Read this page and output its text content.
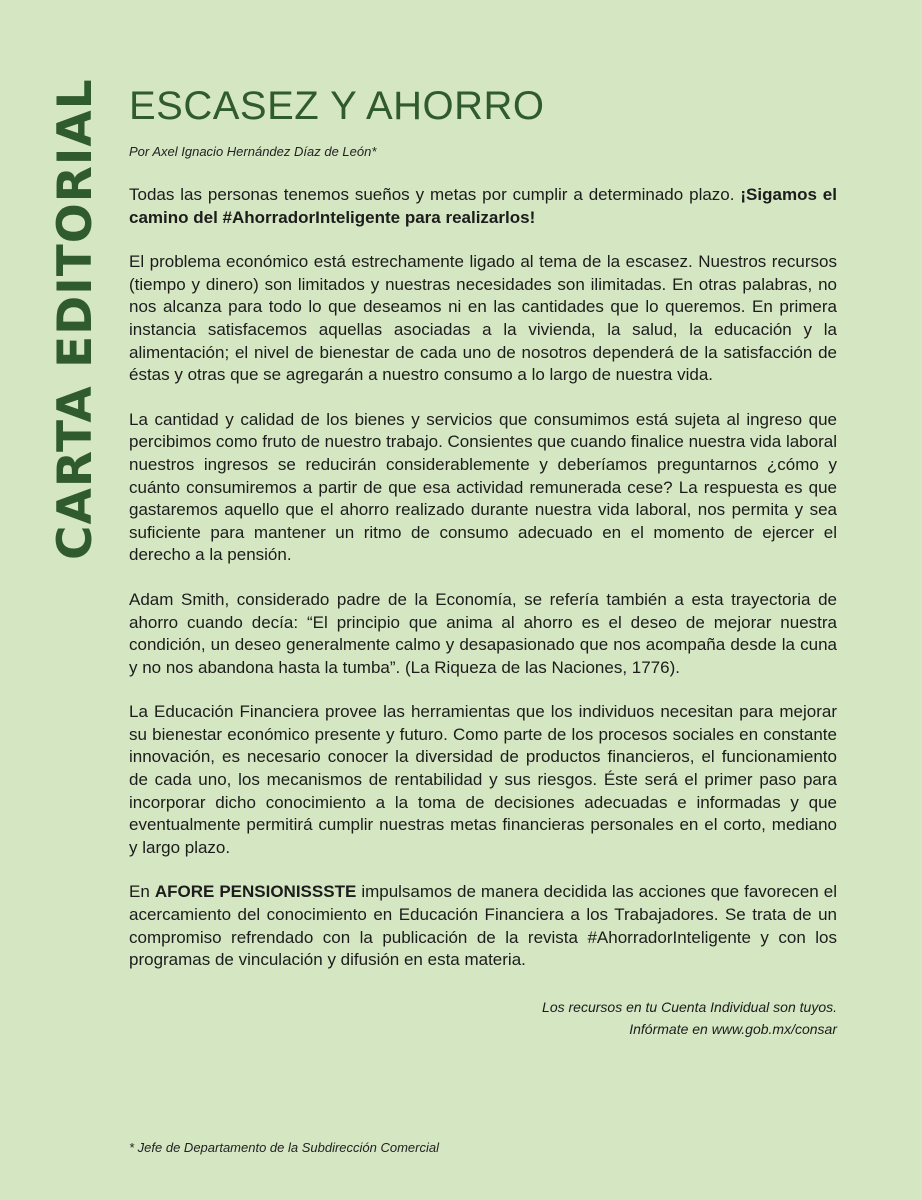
CARTA EDITORIAL ESCASEZ Y AHORRO
Por Axel Ignacio Hernández Díaz de León*

Todas las personas tenemos sueños y metas por cumplir a determinado plazo. ¡Sigamos el camino del #AhorradorInteligente para realizarlos!

El problema económico está estrechamente ligado al tema de la escasez. Nuestros recursos (tiempo y dinero) son limitados y nuestras necesidades son ilimitadas. En otras palabras, no nos alcanza para todo lo que deseamos ni en las cantidades que lo queremos. En primera instancia satisfacemos aquellas asociadas a la vivienda, la salud, la educación y la alimentación; el nivel de bienestar de cada uno de nosotros dependerá de la satisfacción de éstas y otras que se agregarán a nuestro consumo a lo largo de nuestra vida.

La cantidad y calidad de los bienes y servicios que consumimos está sujeta al ingreso que percibimos como fruto de nuestro trabajo. Consientes que cuando finalice nuestra vida laboral nuestros ingresos se reducirán considerablemente y deberíamos preguntarnos ¿cómo y cuánto consumiremos a partir de que esa actividad remunerada cese? La respuesta es que gastaremos aquello que el ahorro realizado durante nuestra vida laboral, nos permita y sea suficiente para mantener un ritmo de consumo adecuado en el momento de ejercer el derecho a la pensión.

Adam Smith, considerado padre de la Economía, se refería también a esta trayectoria de ahorro cuando decía: “El principio que anima al ahorro es el deseo de mejorar nuestra condición, un deseo generalmente calmo y desapasionado que nos acompaña desde la cuna y no nos abandona hasta la tumba”. (La Riqueza de las Naciones, 1776).

La Educación Financiera provee las herramientas que los individuos necesitan para mejorar su bienestar económico presente y futuro. Como parte de los procesos sociales en constante innovación, es necesario conocer la diversidad de productos financieros, el funcionamiento de cada uno, los mecanismos de rentabilidad y sus riesgos. Éste será el primer paso para incorporar dicho conocimiento a la toma de decisiones adecuadas e informadas y que eventualmente permitirá cumplir nuestras metas financieras personales en el corto, mediano y largo plazo.

En AFORE PENSIONISSSTE impulsamos de manera decidida las acciones que favorecen el acercamiento del conocimiento en Educación Financiera a los Trabajadores. Se trata de un compromiso refrendado con la publicación de la revista #AhorradorInteligente y con los programas de vinculación y difusión en esta materia.

Los recursos en tu Cuenta Individual son tuyos.
Infórmate en www.gob.mx/consar
* Jefe de Departamento de la Subdirección Comercial
